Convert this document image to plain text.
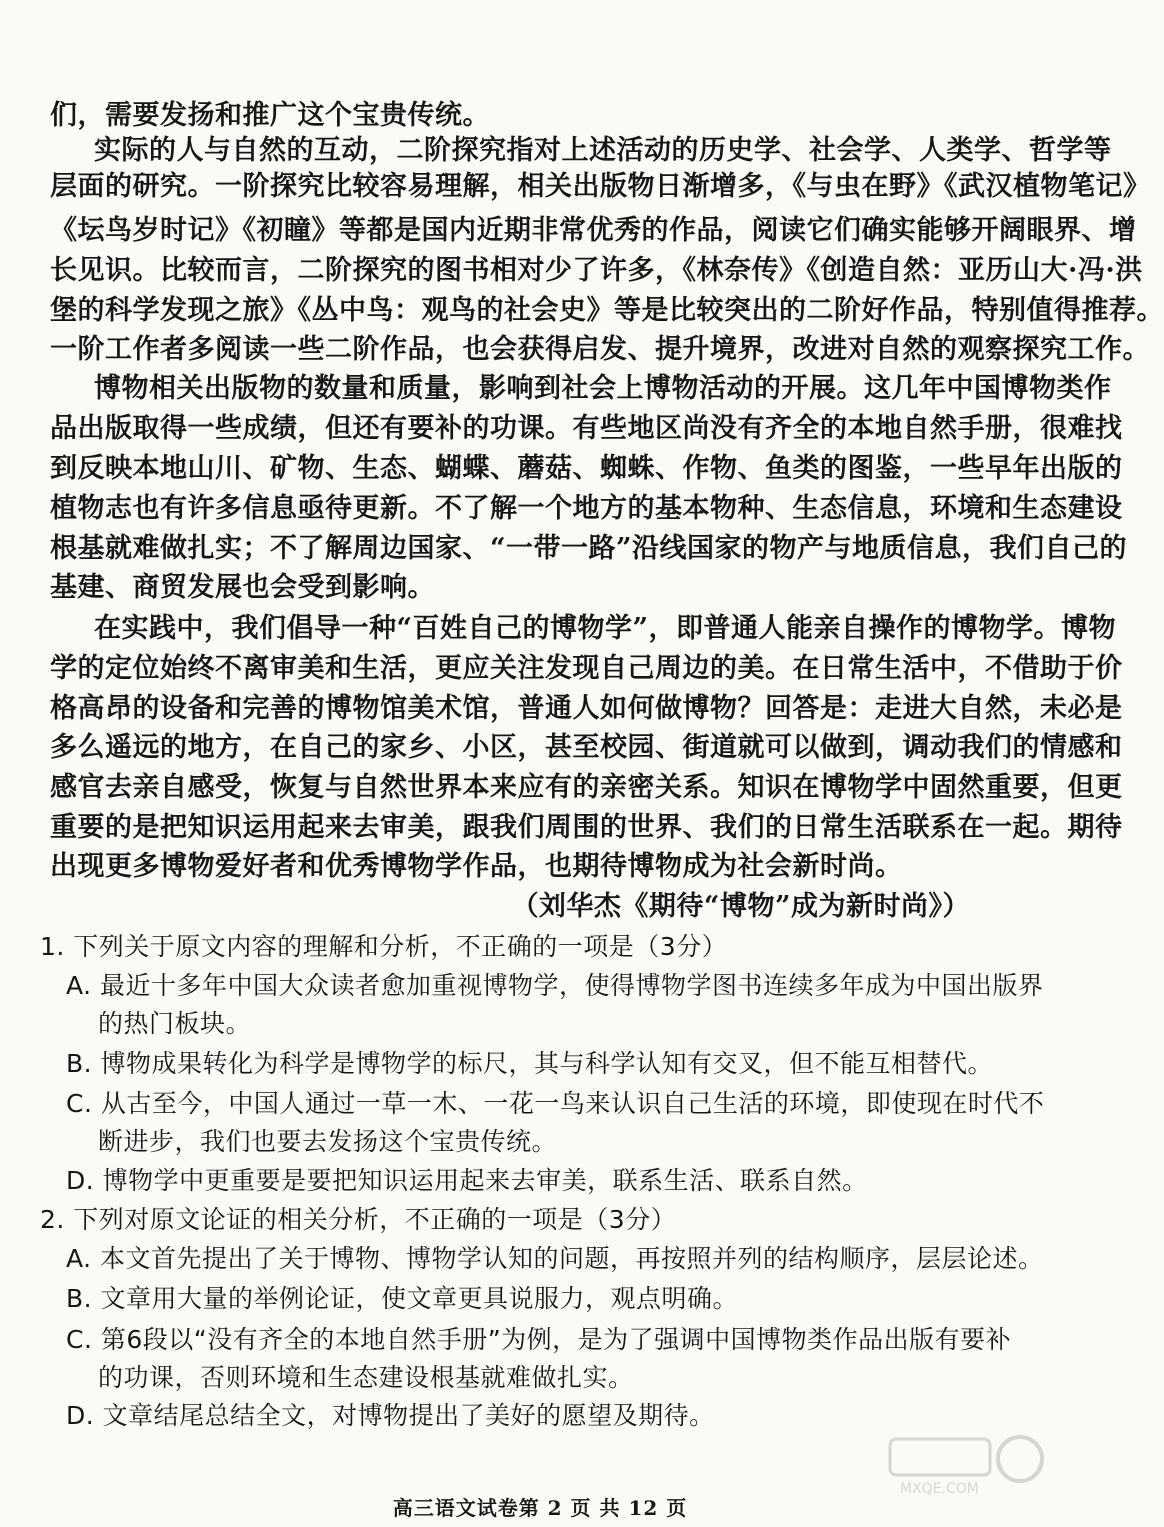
们，需要发扬和推广这个宝贵传统。
实际的人与自然的互动，二阶探究指对上述活动的历史学、社会学、人类学、哲学等
层面的研究。一阶探究比较容易理解，相关出版物日渐增多，《与虫在野》《武汉植物笔记》
《坛鸟岁时记》《初瞳》等都是国内近期非常优秀的作品，阅读它们确实能够开阔眼界、增
长见识。比较而言，二阶探究的图书相对少了许多，《林奈传》《创造自然：亚历山大·冯·洪
堡的科学发现之旅》《丛中鸟：观鸟的社会史》等是比较突出的二阶好作品，特别值得推荐。
一阶工作者多阅读一些二阶作品，也会获得启发、提升境界，改进对自然的观察探究工作。
博物相关出版物的数量和质量，影响到社会上博物活动的开展。这几年中国博物类作
品出版取得一些成绩，但还有要补的功课。有些地区尚没有齐全的本地自然手册，很难找
到反映本地山川、矿物、生态、蝴蝶、蘑菇、蜘蛛、作物、鱼类的图鉴，一些早年出版的
植物志也有许多信息亟待更新。不了解一个地方的基本物种、生态信息，环境和生态建设
根基就难做扎实；不了解周边国家、“一带一路”沿线国家的物产与地质信息，我们自己的
基建、商贸发展也会受到影响。
在实践中，我们倡导一种“百姓自己的博物学”，即普通人能亲自操作的博物学。博物
学的定位始终不离审美和生活，更应关注发现自己周边的美。在日常生活中，不借助于价
格高昂的设备和完善的博物馆美术馆，普通人如何做博物？回答是：走进大自然，未必是
多么遥远的地方，在自己的家乡、小区，甚至校园、街道就可以做到，调动我们的情感和
感官去亲自感受，恢复与自然世界本来应有的亲密关系。知识在博物学中固然重要，但更
重要的是把知识运用起来去审美，跟我们周围的世界、我们的日常生活联系在一起。期待
出现更多博物爱好者和优秀博物学作品，也期待博物成为社会新时尚。
（刘华杰《期待“博物”成为新时尚》）
1. 下列关于原文内容的理解和分析，不正确的一项是（3分）
A. 最近十多年中国大众读者愈加重视博物学，使得博物学图书连续多年成为中国出版界
的热门板块。
B. 博物成果转化为科学是博物学的标尺，其与科学认知有交叉，但不能互相替代。
C. 从古至今，中国人通过一草一木、一花一鸟来认识自己生活的环境，即使现在时代不
断进步，我们也要去发扬这个宝贵传统。
D. 博物学中更重要是要把知识运用起来去审美，联系生活、联系自然。
2. 下列对原文论证的相关分析，不正确的一项是（3分）
A. 本文首先提出了关于博物、博物学认知的问题，再按照并列的结构顺序，层层论述。
B. 文章用大量的举例论证，使文章更具说服力，观点明确。
C. 第6段以“没有齐全的本地自然手册”为例，是为了强调中国博物类作品出版有要补
的功课，否则环境和生态建设根基就难做扎实。
D. 文章结尾总结全文，对博物提出了美好的愿望及期待。
高三语文试卷第 2 页 共 12 页
MXQE.COM
